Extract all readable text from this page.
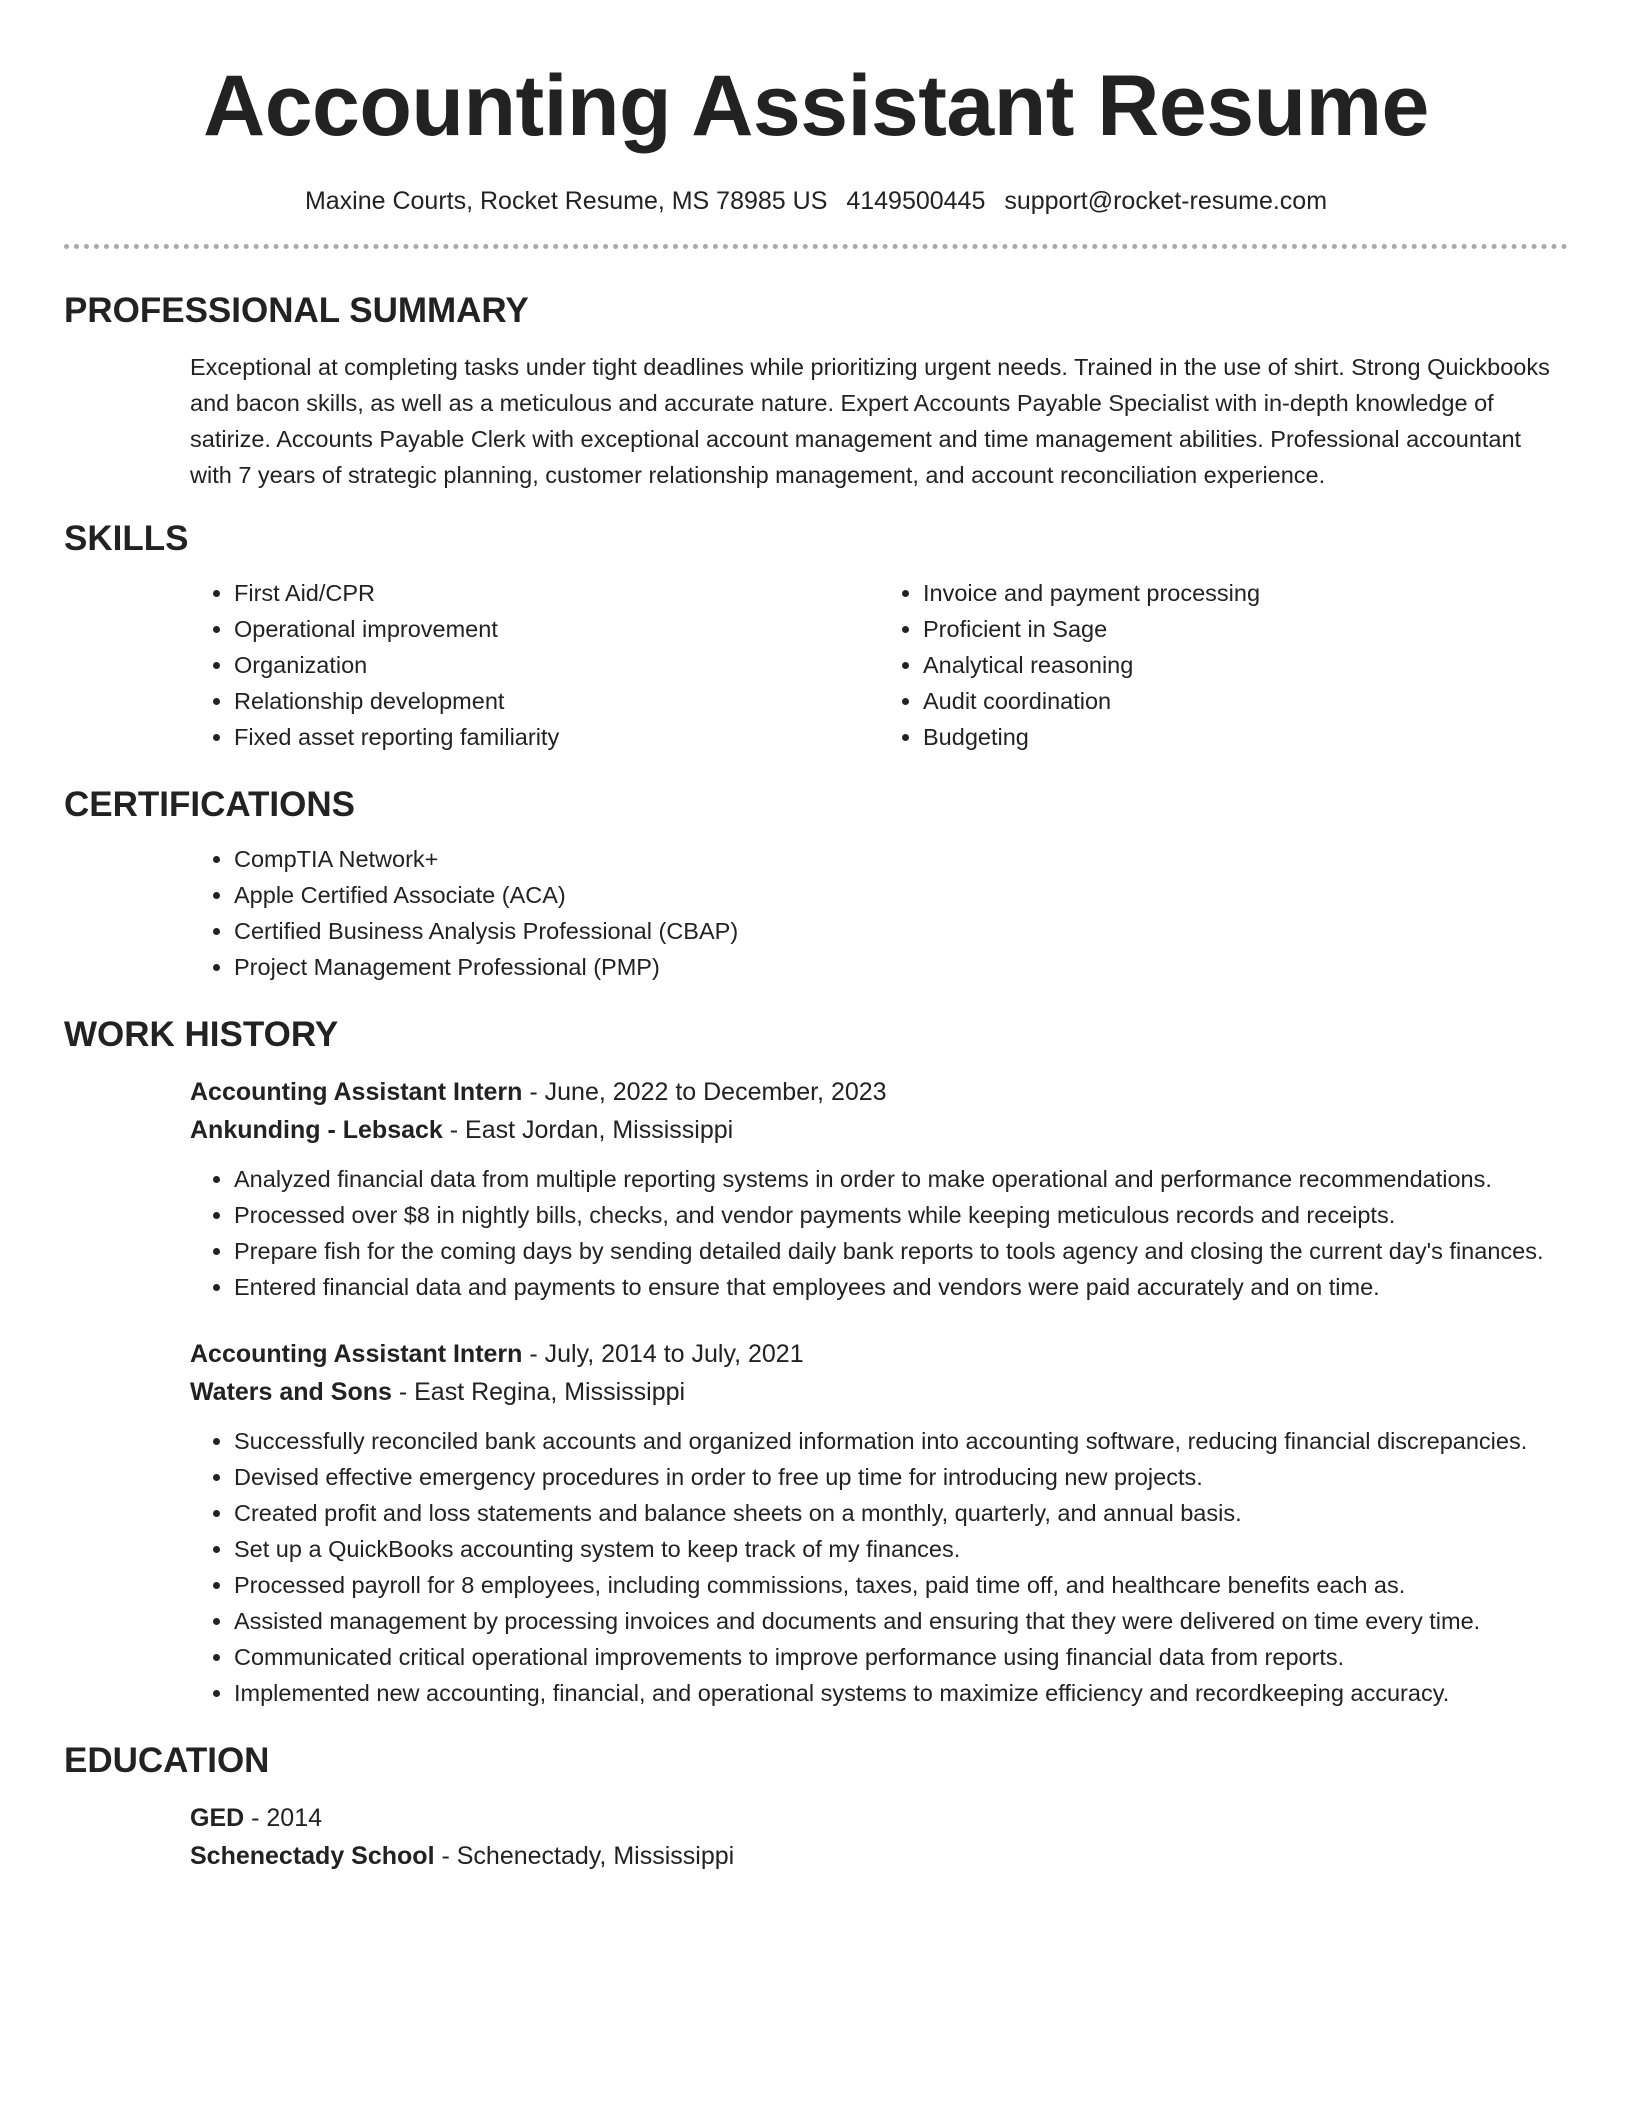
Accounting Assistant Resume
Maxine Courts, Rocket Resume, MS 78985 US 4149500445 support@rocket-resume.com
PROFESSIONAL SUMMARY

Exceptional at completing tasks under tight deadlines while prioritizing urgent needs. Trained in the use of shirt. Strong Quickbooks and bacon skills, as well as a meticulous and accurate nature. Expert Accounts Payable Specialist with in-depth knowledge of satirize. Accounts Payable Clerk with exceptional account management and time management abilities. Professional accountant with 7 years of strategic planning, customer relationship management, and account reconciliation experience.

SKILLS
• First Aid/CPR
• Operational improvement
• Organization
• Relationship development
• Fixed asset reporting familiarity
• Invoice and payment processing
• Proficient in Sage
• Analytical reasoning
• Audit coordination
• Budgeting
CERTIFICATIONS
• CompTIA Network+
• Apple Certified Associate (ACA)
• Certified Business Analysis Professional (CBAP)
• Project Management Professional (PMP)
WORK HISTORY
Accounting Assistant Intern - June, 2022 to December, 2023
Ankunding - Lebsack - East Jordan, Mississippi
• Analyzed financial data from multiple reporting systems in order to make operational and performance recommendations.
• Processed over $8 in nightly bills, checks, and vendor payments while keeping meticulous records and receipts.
• Prepare fish for the coming days by sending detailed daily bank reports to tools agency and closing the current day's finances.
• Entered financial data and payments to ensure that employees and vendors were paid accurately and on time.
Accounting Assistant Intern - July, 2014 to July, 2021
Waters and Sons - East Regina, Mississippi
• Successfully reconciled bank accounts and organized information into accounting software, reducing financial discrepancies.
• Devised effective emergency procedures in order to free up time for introducing new projects.
• Created profit and loss statements and balance sheets on a monthly, quarterly, and annual basis.
• Set up a QuickBooks accounting system to keep track of my finances.
• Processed payroll for 8 employees, including commissions, taxes, paid time off, and healthcare benefits each as.
• Assisted management by processing invoices and documents and ensuring that they were delivered on time every time.
• Communicated critical operational improvements to improve performance using financial data from reports.
• Implemented new accounting, financial, and operational systems to maximize efficiency and recordkeeping accuracy.
EDUCATION
GED - 2014
Schenectady School - Schenectady, Mississippi
